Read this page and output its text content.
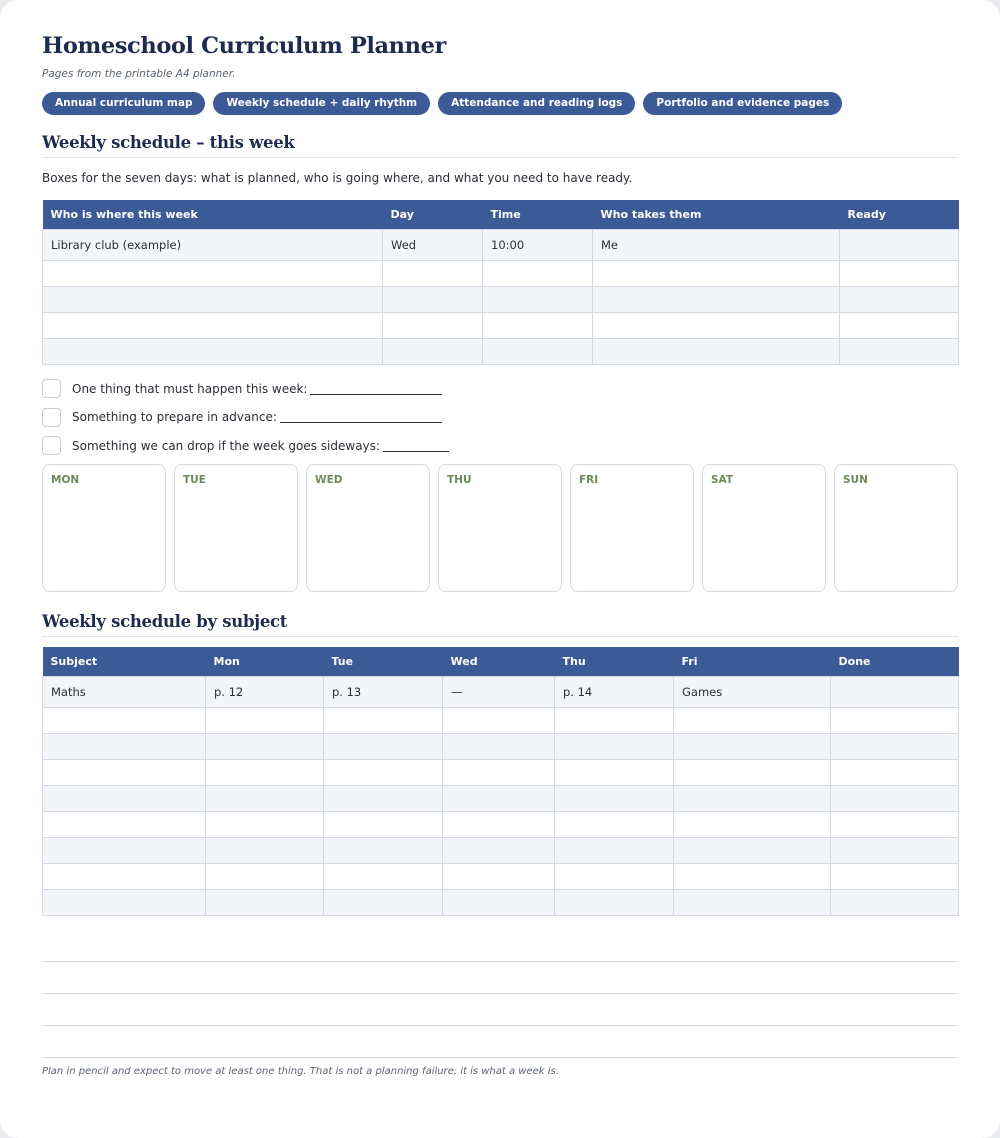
Homeschool Curriculum Planner
Pages from the printable A4 planner.
Annual curriculum map	Weekly schedule + daily rhythm	Attendance and reading logs	Portfolio and evidence pages
Weekly schedule – this week

Boxes for the seven days: what is planned, who is going where, and what you need to have ready.

Who is where this week	Day	Time	Who takes them	Ready
Library club (example)	Wed	10:00	Me	

One thing that must happen this week:
Something to prepare in advance:
Something we can drop if the week goes sideways:
MON	TUE	WED	THU	FRI	SAT	SUN
Weekly schedule by subject
Subject	Mon	Tue	Wed	Thu	Fri	Done
Maths	p. 12	p. 13	—	p. 14	Games	

Plan in pencil and expect to move at least one thing. That is not a planning failure, it is what a week is.
